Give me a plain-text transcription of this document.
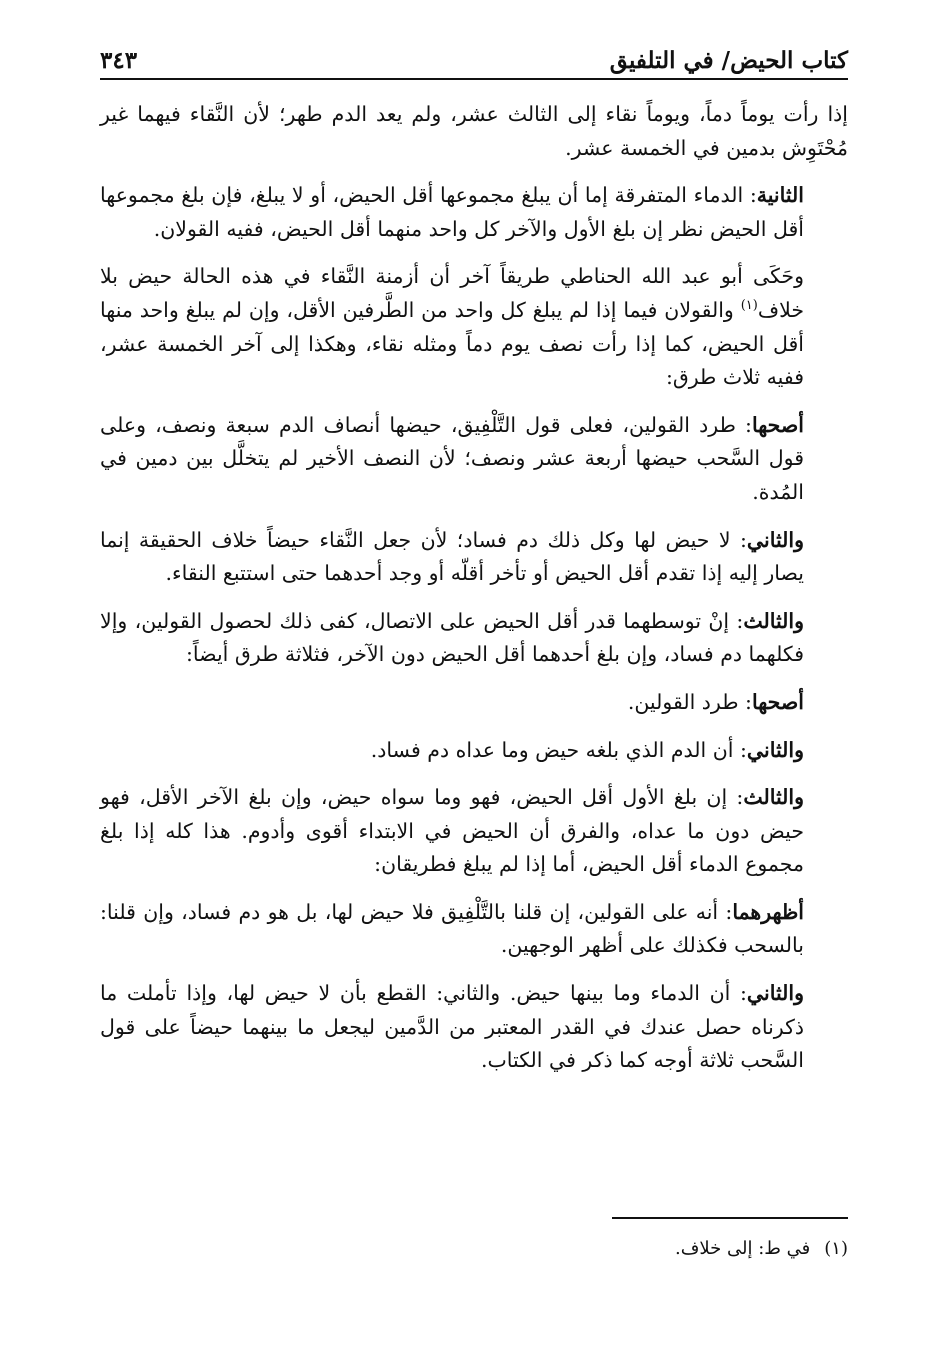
كتاب الحيض/ في التلفيق
٣٤٣

إذا رأت يوماً دماً، ويوماً نقاء إلى الثالث عشر، ولم يعد الدم طهر؛ لأن النَّقاء فيهما غير مُحْتَوِش بدمين في الخمسة عشر.

الثانية: الدماء المتفرقة إما أن يبلغ مجموعها أقل الحيض، أو لا يبلغ، فإن بلغ مجموعها أقل الحيض نظر إن بلغ الأول والآخر كل واحد منهما أقل الحيض، ففيه القولان.

وحَكَى أبو عبد الله الحناطي طريقاً آخر أن أزمنة النَّقاء في هذه الحالة حيض بلا خلاف$^{(١)}$ والقولان فيما إذا لم يبلغ كل واحد من الطَّرفين الأقل، وإن لم يبلغ واحد منها أقل الحيض، كما إذا رأت نصف يوم دماً ومثله نقاء، وهكذا إلى آخر الخمسة عشر، ففيه ثلاث طرق:

أصحها: طرد القولين، فعلى قول التَّلْفِيق، حيضها أنصاف الدم سبعة ونصف، وعلى قول السَّحب حيضها أربعة عشر ونصف؛ لأن النصف الأخير لم يتخلَّل بين دمين في المُدة.

والثاني: لا حيض لها وكل ذلك دم فساد؛ لأن جعل النَّقاء حيضاً خلاف الحقيقة إنما يصار إليه إذا تقدم أقل الحيض أو تأخر أقلّه أو وجد أحدهما حتى استتبع النقاء.

والثالث: إنْ توسطهما قدر أقل الحيض على الاتصال، كفى ذلك لحصول القولين، وإلا فكلهما دم فساد، وإن بلغ أحدهما أقل الحيض دون الآخر، فثلاثة طرق أيضاً:

أصحها: طرد القولين.

والثاني: أن الدم الذي بلغه حيض وما عداه دم فساد.

والثالث: إن بلغ الأول أقل الحيض، فهو وما سواه حيض، وإن بلغ الآخر الأقل، فهو حيض دون ما عداه، والفرق أن الحيض في الابتداء أقوى وأدوم. هذا كله إذا بلغ مجموع الدماء أقل الحيض، أما إذا لم يبلغ فطريقان:

أظهرهما: أنه على القولين، إن قلنا بالتَّلْفِيق فلا حيض لها، بل هو دم فساد، وإن قلنا: بالسحب فكذلك على أظهر الوجهين.

والثاني: أن الدماء وما بينها حيض. والثاني: القطع بأن لا حيض لها، وإذا تأملت ما ذكرناه حصل عندك في القدر المعتبر من الدَّمين ليجعل ما بينهما حيضاً على قول السَّحب ثلاثة أوجه كما ذكر في الكتاب.

(١)في ط: إلى خلاف.
